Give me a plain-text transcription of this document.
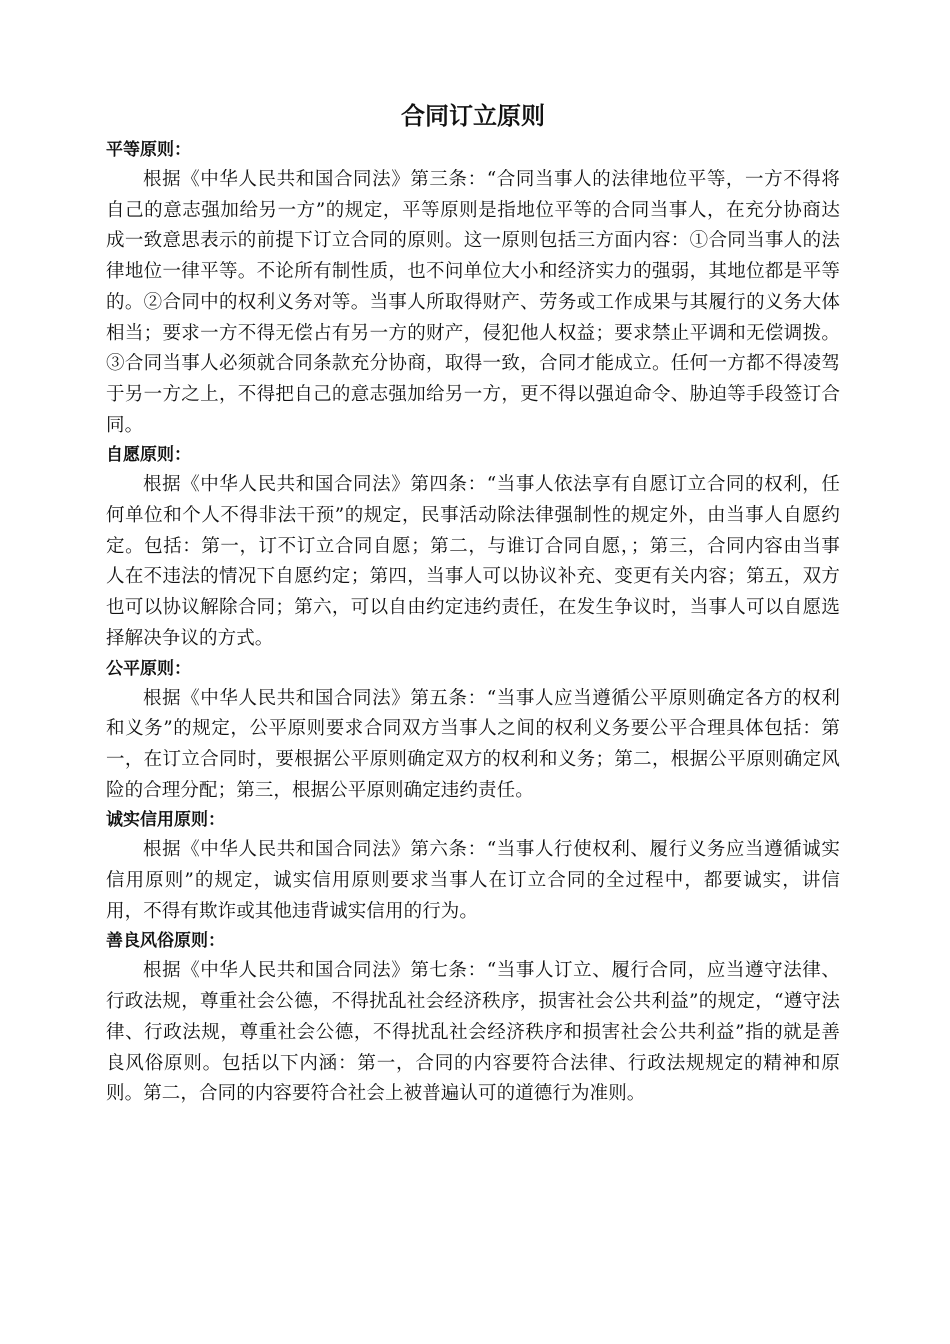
合同订立原则
平等原则：

根据《中华人民共和国合同法》第三条：“合同当事人的法律地位平等，一方不得将自己的意志强加给另一方”的规定，平等原则是指地位平等的合同当事人，在充分协商达成一致意思表示的前提下订立合同的原则。这一原则包括三方面内容：①合同当事人的法律地位一律平等。不论所有制性质，也不问单位大小和经济实力的强弱，其地位都是平等的。②合同中的权利义务对等。当事人所取得财产、劳务或工作成果与其履行的义务大体相当；要求一方不得无偿占有另一方的财产，侵犯他人权益；要求禁止平调和无偿调拨。③合同当事人必须就合同条款充分协商，取得一致，合同才能成立。任何一方都不得凌驾于另一方之上，不得把自己的意志强加给另一方，更不得以强迫命令、胁迫等手段签订合同。

自愿原则：

根据《中华人民共和国合同法》第四条：“当事人依法享有自愿订立合同的权利，任何单位和个人不得非法干预”的规定，民事活动除法律强制性的规定外，由当事人自愿约定。包括：第一，订不订立合同自愿；第二，与谁订合同自愿，；第三，合同内容由当事人在不违法的情况下自愿约定；第四，当事人可以协议补充、变更有关内容；第五，双方也可以协议解除合同；第六，可以自由约定违约责任，在发生争议时，当事人可以自愿选择解决争议的方式。

公平原则：

根据《中华人民共和国合同法》第五条：“当事人应当遵循公平原则确定各方的权利和义务”的规定，公平原则要求合同双方当事人之间的权利义务要公平合理具体包括：第一，在订立合同时，要根据公平原则确定双方的权利和义务；第二，根据公平原则确定风险的合理分配；第三，根据公平原则确定违约责任。

诚实信用原则：

根据《中华人民共和国合同法》第六条：“当事人行使权利、履行义务应当遵循诚实信用原则”的规定，诚实信用原则要求当事人在订立合同的全过程中，都要诚实，讲信用，不得有欺诈或其他违背诚实信用的行为。

善良风俗原则：

根据《中华人民共和国合同法》第七条：“当事人订立、履行合同，应当遵守法律、行政法规，尊重社会公德，不得扰乱社会经济秩序，损害社会公共利益”的规定，“遵守法律、行政法规，尊重社会公德，不得扰乱社会经济秩序和损害社会公共利益”指的就是善良风俗原则。包括以下内涵：第一，合同的内容要符合法律、行政法规规定的精神和原则。第二，合同的内容要符合社会上被普遍认可的道德行为准则。
